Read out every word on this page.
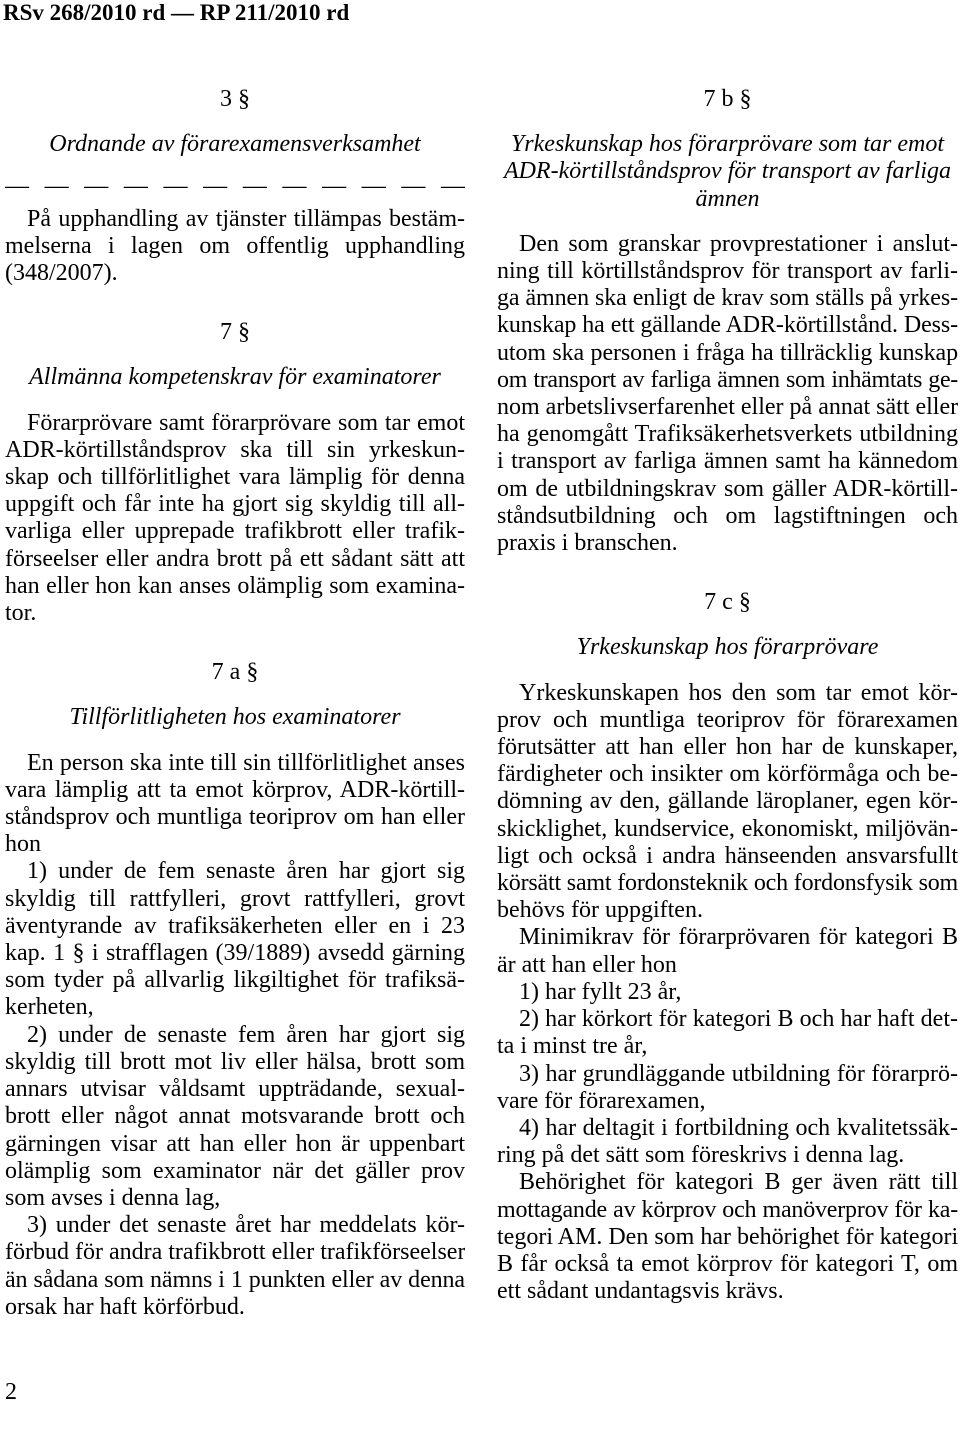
RSv 268/2010 rd — RP 211/2010 rd
3 §
Ordnande av förarexamensverksamhet
— — — — — — — — — — — —
På upphandling av tjänster tillämpas bestäm-
melserna i lagen om offentlig upphandling
(348/2007).
7 §
Allmänna kompetenskrav för examinatorer
Förarprövare samt förarprövare som tar emot
ADR-körtillståndsprov ska till sin yrkeskun-
skap och tillförlitlighet vara lämplig för denna
uppgift och får inte ha gjort sig skyldig till all-
varliga eller upprepade trafikbrott eller trafik-
förseelser eller andra brott på ett sådant sätt att
han eller hon kan anses olämplig som examina-
tor.
7 a §
Tillförlitligheten hos examinatorer
En person ska inte till sin tillförlitlighet anses
vara lämplig att ta emot körprov, ADR-körtill-
ståndsprov och muntliga teoriprov om han eller
hon
1) under de fem senaste åren har gjort sig
skyldig till rattfylleri, grovt rattfylleri, grovt
äventyrande av trafiksäkerheten eller en i 23
kap. 1 § i strafflagen (39/1889) avsedd gärning
som tyder på allvarlig likgiltighet för trafiksä-
kerheten,
2) under de senaste fem åren har gjort sig
skyldig till brott mot liv eller hälsa, brott som
annars utvisar våldsamt uppträdande, sexual-
brott eller något annat motsvarande brott och
gärningen visar att han eller hon är uppenbart
olämplig som examinator när det gäller prov
som avses i denna lag,
3) under det senaste året har meddelats kör-
förbud för andra trafikbrott eller trafikförseelser
än sådana som nämns i 1 punkten eller av denna
orsak har haft körförbud.
7 b §
Yrkeskunskap hos förarprövare som tar emot
ADR-körtillståndsprov för transport av farliga
ämnen
Den som granskar provprestationer i anslut-
ning till körtillståndsprov för transport av farli-
ga ämnen ska enligt de krav som ställs på yrkes-
kunskap ha ett gällande ADR-körtillstånd. Dess-
utom ska personen i fråga ha tillräcklig kunskap
om transport av farliga ämnen som inhämtats ge-
nom arbetslivserfarenhet eller på annat sätt eller
ha genomgått Trafiksäkerhetsverkets utbildning
i transport av farliga ämnen samt ha kännedom
om de utbildningskrav som gäller ADR-körtill-
ståndsutbildning och om lagstiftningen och
praxis i branschen.
7 c §
Yrkeskunskap hos förarprövare
Yrkeskunskapen hos den som tar emot kör-
prov och muntliga teoriprov för förarexamen
förutsätter att han eller hon har de kunskaper,
färdigheter och insikter om körförmåga och be-
dömning av den, gällande läroplaner, egen kör-
skicklighet, kundservice, ekonomiskt, miljövän-
ligt och också i andra hänseenden ansvarsfullt
körsätt samt fordonsteknik och fordonsfysik som
behövs för uppgiften.
Minimikrav för förarprövaren för kategori B
är att han eller hon
1) har fyllt 23 år,
2) har körkort för kategori B och har haft det-
ta i minst tre år,
3) har grundläggande utbildning för förarprö-
vare för förarexamen,
4) har deltagit i fortbildning och kvalitetssäk-
ring på det sätt som föreskrivs i denna lag.
Behörighet för kategori B ger även rätt till
mottagande av körprov och manöverprov för ka-
tegori AM. Den som har behörighet för kategori
B får också ta emot körprov för kategori T, om
ett sådant undantagsvis krävs.
2
